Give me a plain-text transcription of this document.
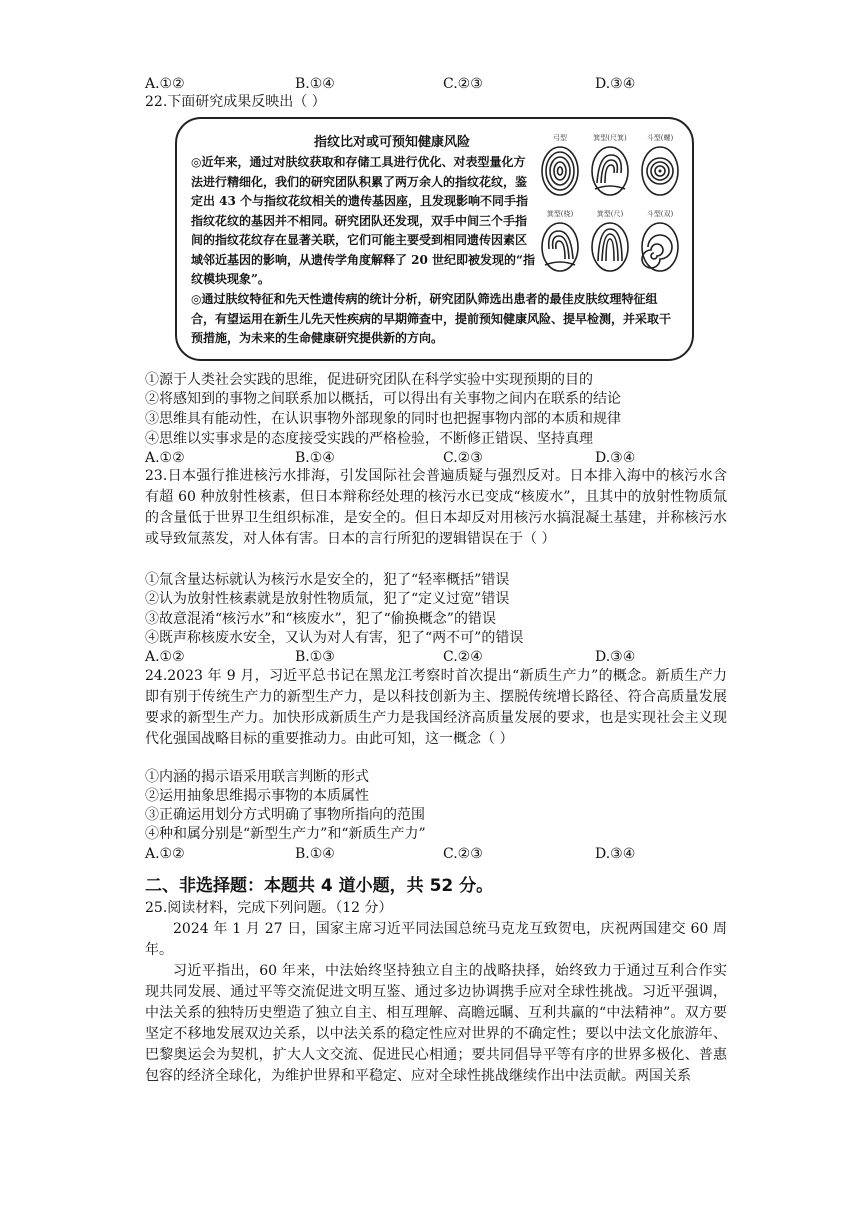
A.①②	B.①④	C.②③	D.③④
22.下面研究成果反映出（ ）
指纹比对或可预知健康风险
◎近年来，通过对肤纹获取和存储工具进行优化、对表型量化方法进行精细化，我们的研究团队积累了两万余人的指纹花纹，鉴定出 43 个与指纹花纹相关的遗传基因座，且发现影响不同手指指纹花纹的基因并不相同。研究团队还发现，双手中间三个手指间的指纹花纹存在显著关联，它们可能主要受到相同遗传因素区域邻近基因的影响，从遗传学角度解释了 20 世纪即被发现的“指纹模块现象”。
◎通过肤纹特征和先天性遗传病的统计分析，研究团队筛选出患者的最佳皮肤纹理特征组合，有望运用在新生儿先天性疾病的早期筛查中，提前预知健康风险、提早检测，并采取干预措施，为未来的生命健康研究提供新的方向。
弓型	箕型(尺箕)	斗型(螺)
箕型(桡)	箕型(尺)	斗型(双)
①源于人类社会实践的思维，促进研究团队在科学实验中实现预期的目的
②将感知到的事物之间联系加以概括，可以得出有关事物之间内在联系的结论
③思维具有能动性，在认识事物外部现象的同时也把握事物内部的本质和规律
④思维以实事求是的态度接受实践的严格检验，不断修正错误、坚持真理
A.①②	B.①④	C.②③	D.③④
23.日本强行推进核污水排海，引发国际社会普遍质疑与强烈反对。日本排入海中的核污水含有超 60 种放射性核素，但日本辩称经处理的核污水已变成“核废水”，且其中的放射性物质氚的含量低于世界卫生组织标准，是安全的。但日本却反对用核污水搞混凝土基建，并称核污水或导致氚蒸发，对人体有害。日本的言行所犯的逻辑错误在于（ ）
①氚含量达标就认为核污水是安全的，犯了“轻率概括”错误
②认为放射性核素就是放射性物质氚，犯了“定义过宽”错误
③故意混淆“核污水”和“核废水”，犯了“偷换概念”的错误
④既声称核废水安全，又认为对人有害，犯了“两不可”的错误
A.①②	B.①③	C.②④	D.③④
24.2023 年 9 月，习近平总书记在黑龙江考察时首次提出“新质生产力”的概念。新质生产力即有别于传统生产力的新型生产力，是以科技创新为主、摆脱传统增长路径、符合高质量发展要求的新型生产力。加快形成新质生产力是我国经济高质量发展的要求，也是实现社会主义现代化强国战略目标的重要推动力。由此可知，这一概念（ ）
①内涵的揭示语采用联言判断的形式
②运用抽象思维揭示事物的本质属性
③正确运用划分方式明确了事物所指向的范围
④种和属分别是“新型生产力”和“新质生产力”
A.①②	B.①④	C.②③	D.③④
二、非选择题：本题共 4 道小题，共 52 分。
25.阅读材料，完成下列问题。（12 分）
2024 年 1 月 27 日，国家主席习近平同法国总统马克龙互致贺电，庆祝两国建交 60 周年。
习近平指出，60 年来，中法始终坚持独立自主的战略抉择，始终致力于通过互利合作实现共同发展、通过平等交流促进文明互鉴、通过多边协调携手应对全球性挑战。习近平强调，中法关系的独特历史塑造了独立自主、相互理解、高瞻远瞩、互利共赢的“中法精神”。双方要坚定不移地发展双边关系，以中法关系的稳定性应对世界的不确定性；要以中法文化旅游年、巴黎奥运会为契机，扩大人文交流、促进民心相通；要共同倡导平等有序的世界多极化、普惠包容的经济全球化，为维护世界和平稳定、应对全球性挑战继续作出中法贡献。两国关系
